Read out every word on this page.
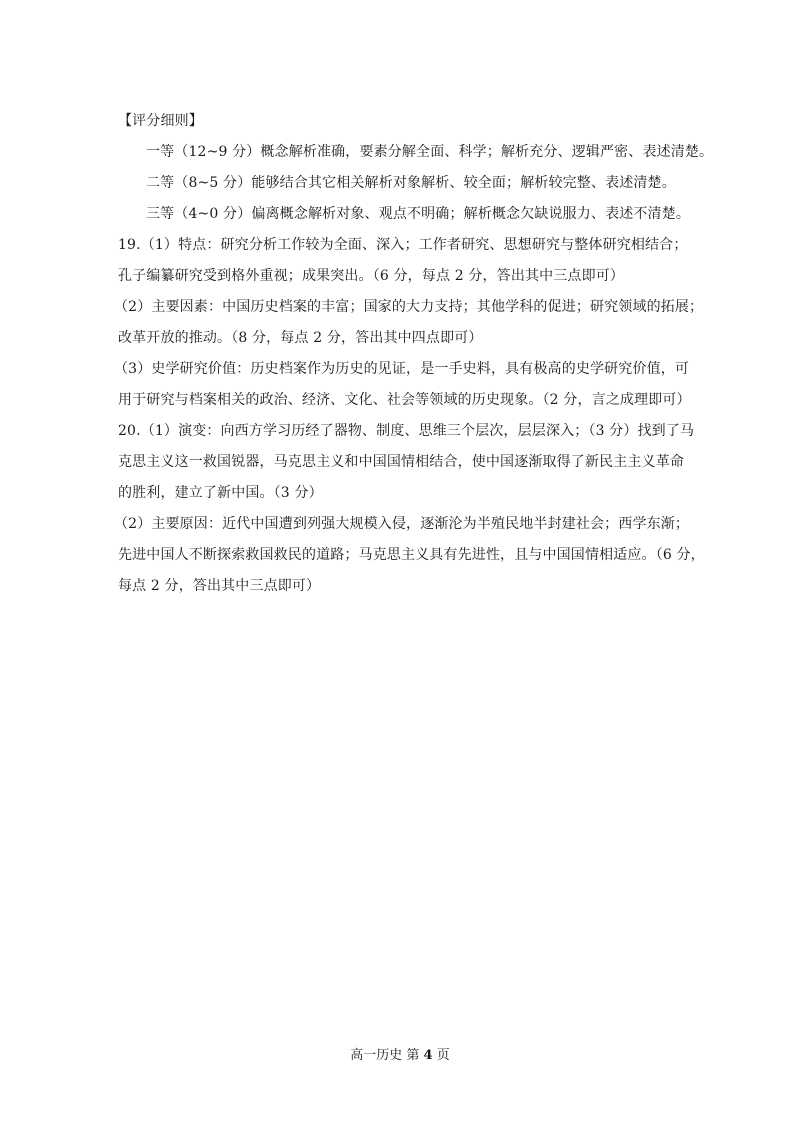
【评分细则】
一等（12~9 分）概念解析准确，要素分解全面、科学；解析充分、逻辑严密、表述清楚。
二等（8~5 分）能够结合其它相关解析对象解析、较全面；解析较完整、表述清楚。
三等（4~0 分）偏离概念解析对象、观点不明确；解析概念欠缺说服力、表述不清楚。
19.（1）特点：研究分析工作较为全面、深入；工作者研究、思想研究与整体研究相结合；
孔子编纂研究受到格外重视；成果突出。（6 分，每点 2 分，答出其中三点即可）
（2）主要因素：中国历史档案的丰富；国家的大力支持；其他学科的促进；研究领域的拓展；
改革开放的推动。（8 分，每点 2 分，答出其中四点即可）
（3）史学研究价值：历史档案作为历史的见证，是一手史料，具有极高的史学研究价值，可
用于研究与档案相关的政治、经济、文化、社会等领域的历史现象。（2 分，言之成理即可）
20.（1）演变：向西方学习历经了器物、制度、思维三个层次，层层深入；（3 分）找到了马
克思主义这一救国锐器，马克思主义和中国国情相结合，使中国逐渐取得了新民主主义革命
的胜利，建立了新中国。（3 分）
（2）主要原因：近代中国遭到列强大规模入侵，逐渐沦为半殖民地半封建社会；西学东渐；
先进中国人不断探索救国救民的道路；马克思主义具有先进性，且与中国国情相适应。（6 分，
每点 2 分，答出其中三点即可）
高一历史 第 4 页
